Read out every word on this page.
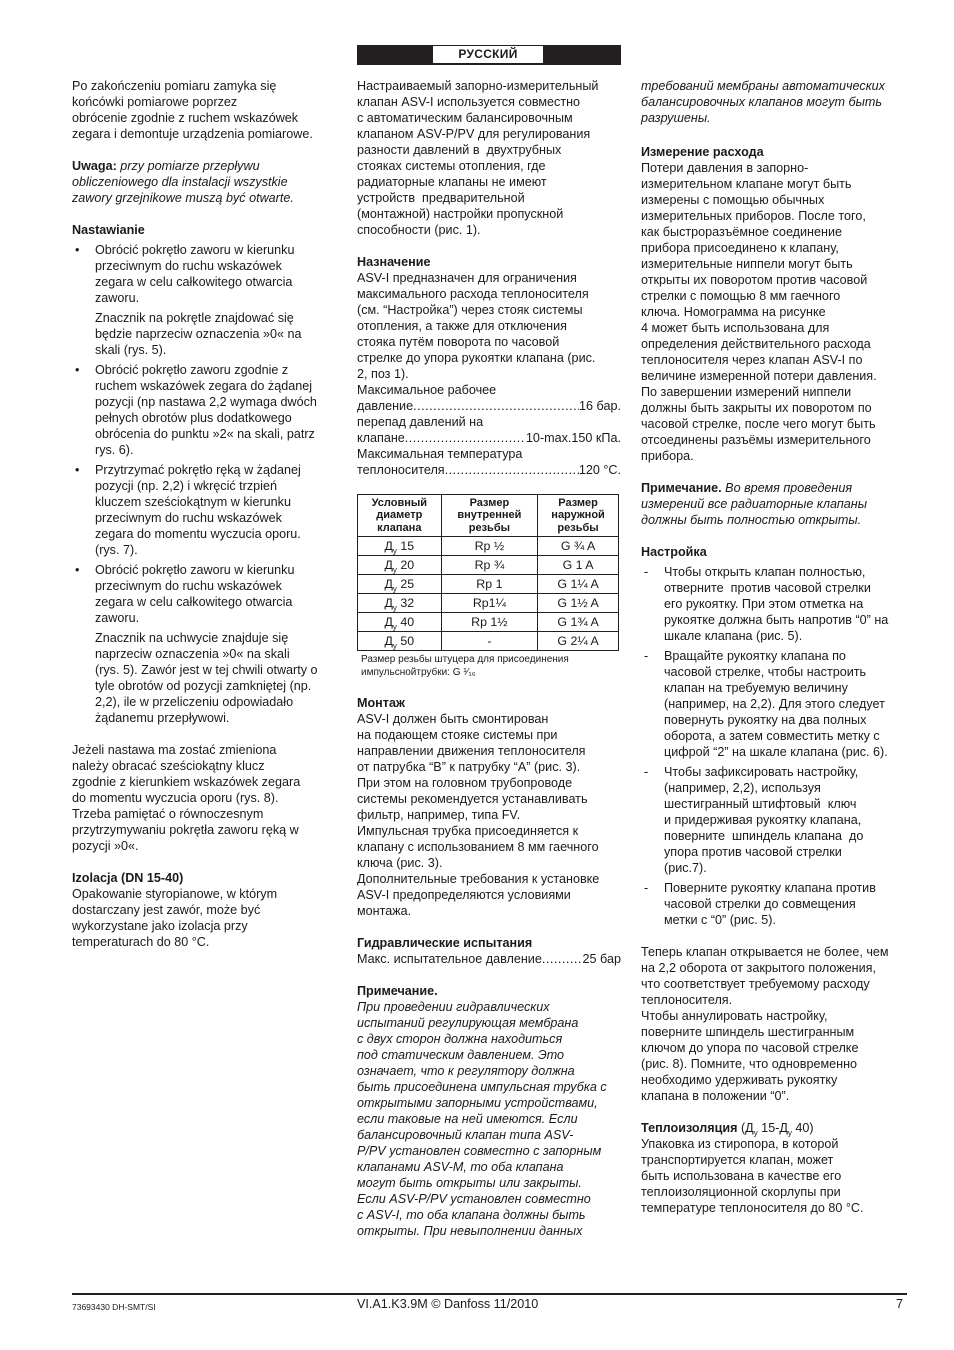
РУССКИЙ
Po zakończeniu pomiaru zamyka się
końcówki pomiarowe poprzez
obrócenie zgodnie z ruchem wskazówek
zegara i demontuje urządzenia pomiarowe.
Uwaga: przy pomiarze przepływu
obliczeniowego dla instalacji wszystkie
zawory grzejnikowe muszą być otwarte.
Nastawianie
• Obrócić pokrętło zaworu w kierunku
przeciwnym do ruchu wskazówek
zegara w celu całkowitego otwarcia
zaworu.
Znacznik na pokrętle znajdować się
będzie naprzeciw oznaczenia »0« na
skali (rys. 5).
• Obrócić pokrętło zaworu zgodnie z
ruchem wskazówek zegara do żądanej
pozycji (np nastawa 2,2 wymaga dwóch
pełnych obrotów plus dodatkowego
obrócenia do punktu »2« na skali, patrz
rys. 6).
• Przytrzymać pokrętło ręką w żądanej
pozycji (np. 2,2) i wkręcić trzpień
kluczem sześciokątnym w kierunku
przeciwnym do ruchu wskazówek
zegara do momentu wyczucia oporu.
(rys. 7).
• Obrócić pokrętło zaworu w kierunku
przeciwnym do ruchu wskazówek
zegara w celu całkowitego otwarcia
zaworu.
Znacznik na uchwycie znajduje się
naprzeciw oznaczenia »0« na skali
(rys. 5). Zawór jest w tej chwili otwarty o
tyle obrotów od pozycji zamkniętej (np.
2,2), ile w przeliczeniu odpowiadało
żądanemu przepływowi.
Jeżeli nastawa ma zostać zmieniona
należy obracać sześciokątny klucz
zgodnie z kierunkiem wskazówek zegara
do momentu wyczucia oporu (rys. 8).
Trzeba pamiętać o równoczesnym
przytrzymywaniu pokrętła zaworu ręką w
pozycji »0«.
Izolacja (DN 15-40)
Opakowanie styropianowe, w którym
dostarczany jest zawór, może być
wykorzystane jako izolacja przy
temperaturach do 80 °C.
Настраиваемый запорно-измерительный
клапан ASV-I используется совместно
с автоматическим балансировочным
клапаном ASV-P/PV для регулирования
разности давлений в  двухтрубных
стояках системы отопления, где
радиаторные клапаны не имеют
устройств  предварительной
(монтажной) настройки пропускной
способности (рис. 1).
Назначение
ASV-I предназначен для ограничения
максимального расхода теплоносителя
(см. “Настройка”) через стояк системы
отопления, а также для отключения
стояка путём поворота по часовой
стрелке до упора рукоятки клапана (рис.
2, поз 1).
Максимальное рабочее
давление .....	16 бар.
перепад давлений на
клапане .....	10-max.150 кПа.
Максимальная температура
теплоносителя .....	120 °C.
Условный
диаметр
клапана	Размер
внутренней
резьбы	Размер
наружной
резьбы
$Д_у$ 15	Rp ½	G ¾ A
$Д_у$ 20	Rp ¾	G 1 A
$Д_у$ 25	Rp 1	G 1¼ A
$Д_у$ 32	Rp1¼	G 1½ A
$Д_у$ 40	Rp 1½	G 1¾ A
$Д_у$ 50	-	G 2¼ A
Размер резьбы штуцера для присоединения
импульснойтрубки: G ¹⁄₁₆
Монтаж
ASV-I должен быть смонтирован
на подающем стояке системы при
направлении движения теплоносителя
от патрубка “B” к патрубку “A” (рис. 3).
При этом на головном трубопроводе
системы рекомендуется устанавливать
фильтр, например, типа FV.
Импульсная трубка присоединяется к
клапану с использованием 8 мм гаечного
ключа (рис. 3).
Дополнительные требования к установке
ASV-I предопределяются условиями
монтажа.
Гидравлические испытания
Макс. испытательное давление .....	25 бар
Примечание.
При проведении гидравлических
испытаний регулирующая мембрана
с двух сторон должна находиться
под статическим давлением. Это
означает, что к регулятору должна
быть присоединена импульсная трубка с
открытыми запорными устройствами,
если таковые на ней имеются. Если
балансировочный клапан типа ASV-
P/PV установлен совместно с запорным
клапанами ASV-M, то оба клапана
могут быть открыты или закрыты.
Если ASV-P/PV установлен совместно
с ASV-I, то оба клапана должны быть
открыты. При невыполнении данных
требований мембраны автоматических
балансировочных клапанов могут быть
разрушены.
Измерение расхода
Потери давления в запорно-
измерительном клапане могут быть
измерены с помощью обычных
измерительных приборов. После того,
как быстроразъёмное соединение
прибора присоединено к клапану,
измерительные ниппели могут быть
открыты их поворотом против часовой
стрелки с помощью 8 мм гаечного
ключа. Номограмма на рисунке
4 может быть использована для
определения действительного расхода
теплоносителя через клапан ASV-I по
величине измеренной потери давления.
По завершении измерений ниппели
должны быть закрыты их поворотом по
часовой стрелке, после чего могут быть
отсоединены разъёмы измерительного
прибора.
Примечание. Во время проведения
измерений все радиаторные клапаны
должны быть полностью открыты.
Настройка
- Чтобы открыть клапан полностью,
отверните  против часовой стрелки
его рукоятку. При этом отметка на
рукоятке должна быть напротив “0” на
шкале клапана (рис. 5).
- Вращайте рукоятку клапана по
часовой стрелке, чтобы настроить
клапан на требуемую величину
(например, на 2,2). Для этого следует
повернуть рукоятку на два полных
оборота, а затем совместить метку с
цифрой “2” на шкале клапана (рис. 6).
- Чтобы зафиксировать настройку,
(например, 2,2), используя
шестигранный штифтовый  ключ
и придерживая рукоятку клапана,
поверните  шпиндель клапана  до
упора против часовой стрелки
(рис.7).
- Поверните рукоятку клапана против
часовой стрелки до совмещения
метки с “0” (рис. 5).
Теперь клапан открывается не более, чем
на 2,2 оборота от закрытого положения,
что соответствует требуемому расходу
теплоносителя.
Чтобы аннулировать настройку,
поверните шпиндель шестигранным
ключом до упора по часовой стрелке
(рис. 8). Помните, что одновременно
необходимо удерживать рукоятку
клапана в положении “0”.
Теплоизоляция ($Д_у$ $15-Д_у$ 40)
Упаковка из стиропора, в которой
транспортируется клапан, может
быть использована в качестве его
теплоизоляционной скорлупы при
температуре теплоносителя до 80 °C.
73693430 DH-SMT/SI	VI.A1.K3.9M © Danfoss 11/2010	7
